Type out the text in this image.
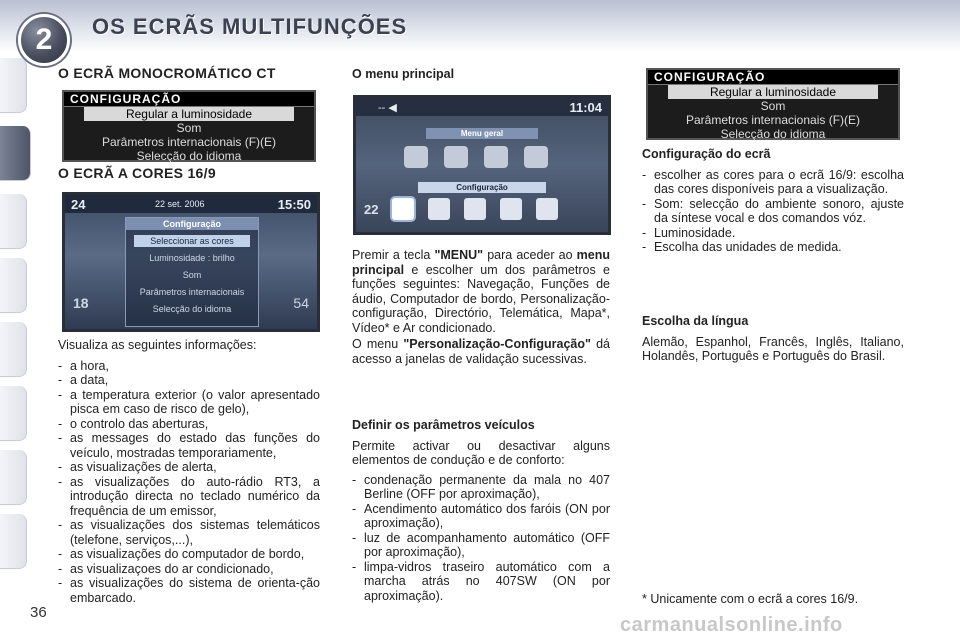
2	OS ECRÃS MULTIFUNÇÕES
36
O ECRÃ MONOCROMÁTICO CT
CONFIGURAÇÃO
Regular a luminosidade
Som
Parâmetros internacionais (F)(E)
Selecção do idioma
O ECRÃ A CORES 16/9
24	22 set. 2006	15:50
Configuração
Seleccionar as cores
Luminosidade : brilho
Som
Parâmetros internacionais
Selecção do idioma
18	54

Visualiza as seguintes informações:

- a hora,
- a data,
- a temperatura exterior (o valor apresentado pisca em caso de risco de gelo),
- o controlo das aberturas,
- as messages do estado das funções do veículo, mostradas temporariamente,
- as visualizações de alerta,
- as visualizações do auto-rádio RT3, a introdução directa no teclado numérico da frequência de um emissor,
- as visualizações dos sistemas telemáticos (telefone, serviços,...),
- as visualizações do computador de bordo,
- as visualizaçoes do ar condicionado,
- as visualizações do sistema de orienta-ção embarcado.
O menu principal
-- ◀	11:04
Menu geral
Configuração
22

Premir a tecla "MENU" para aceder ao menu principal e escolher um dos parâmetros e funções seguintes: Navegação, Funções de áudio, Computador de bordo, Personalização-configuração, Directório, Telemática, Mapa*, Vídeo* e Ar condicionado.

O menu "Personalização-Configuração" dá acesso a janelas de validação sucessivas.

Definir os parâmetros veículos

Permite activar ou desactivar alguns elementos de condução e de conforto:

- condenação permanente da mala no 407 Berline (OFF por aproximação),
- Acendimento automático dos faróis (ON por aproximação),
- luz de acompanhamento automático (OFF por aproximação),
- limpa-vidros traseiro automático com a marcha atrás no 407SW (ON por aproximação).
CONFIGURAÇÃO
Regular a luminosidade
Som
Parâmetros internacionais (F)(E)
Selecção do idioma
Configuração do ecrã
- escolher as cores para o ecrã 16/9: escolha das cores disponíveis para a visualização.
- Som: selecção do ambiente sonoro, ajuste da síntese vocal e dos comandos vóz.
- Luminosidade.
- Escolha das unidades de medida.
Escolha da língua

Alemão, Espanhol, Francês, Inglês, Italiano, Holandês, Português e Português do Brasil.

* Unicamente com o ecrã a cores 16/9.

carmanualsonline.info
